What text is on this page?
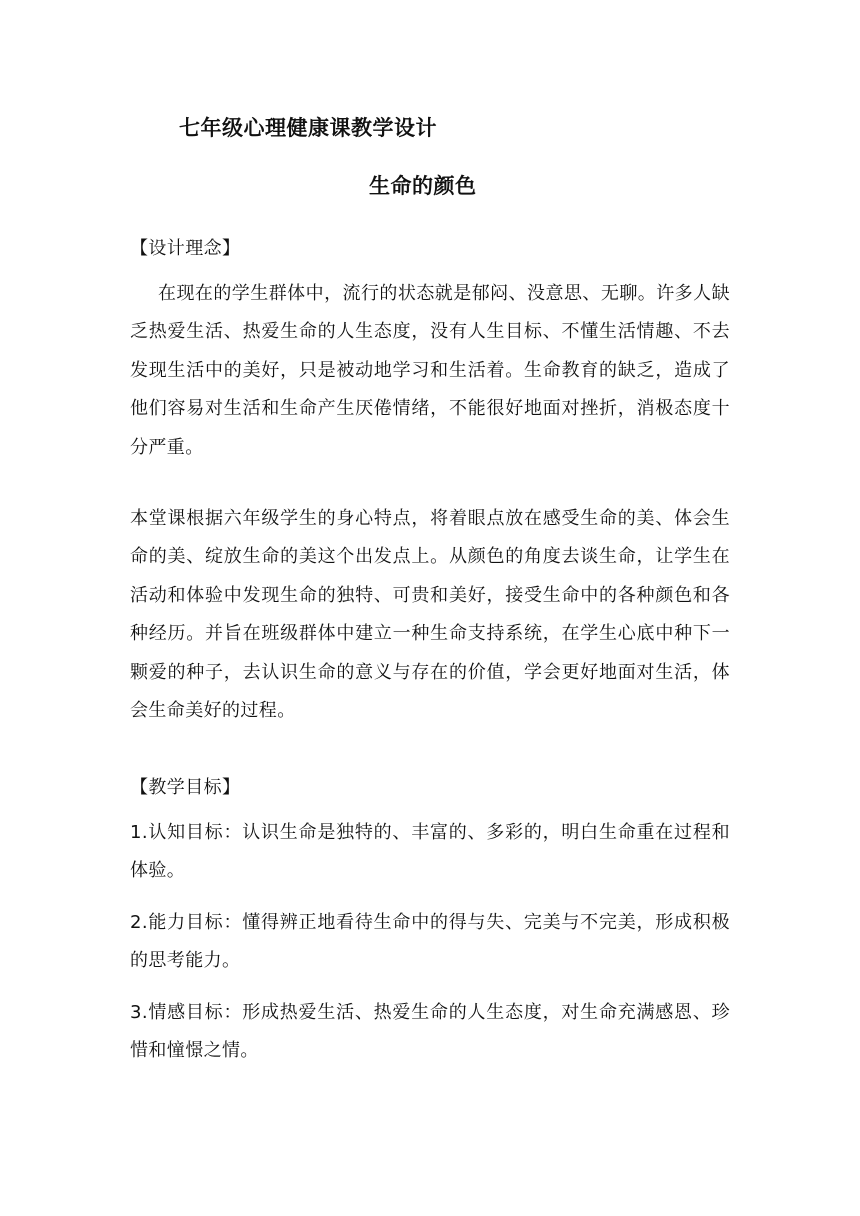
七年级心理健康课教学设计
生命的颜色
【设计理念】

在现在的学生群体中，流行的状态就是郁闷、没意思、无聊。许多人缺乏热爱生活、热爱生命的人生态度，没有人生目标、不懂生活情趣、不去发现生活中的美好，只是被动地学习和生活着。生命教育的缺乏，造成了他们容易对生活和生命产生厌倦情绪，不能很好地面对挫折，消极态度十分严重。

本堂课根据六年级学生的身心特点，将着眼点放在感受生命的美、体会生命的美、绽放生命的美这个出发点上。从颜色的角度去谈生命，让学生在活动和体验中发现生命的独特、可贵和美好，接受生命中的各种颜色和各种经历。并旨在班级群体中建立一种生命支持系统，在学生心底中种下一颗爱的种子，去认识生命的意义与存在的价值，学会更好地面对生活，体会生命美好的过程。

【教学目标】

1.认知目标：认识生命是独特的、丰富的、多彩的，明白生命重在过程和体验。

2.能力目标：懂得辨正地看待生命中的得与失、完美与不完美，形成积极的思考能力。

3.情感目标：形成热爱生活、热爱生命的人生态度，对生命充满感恩、珍惜和憧憬之情。
